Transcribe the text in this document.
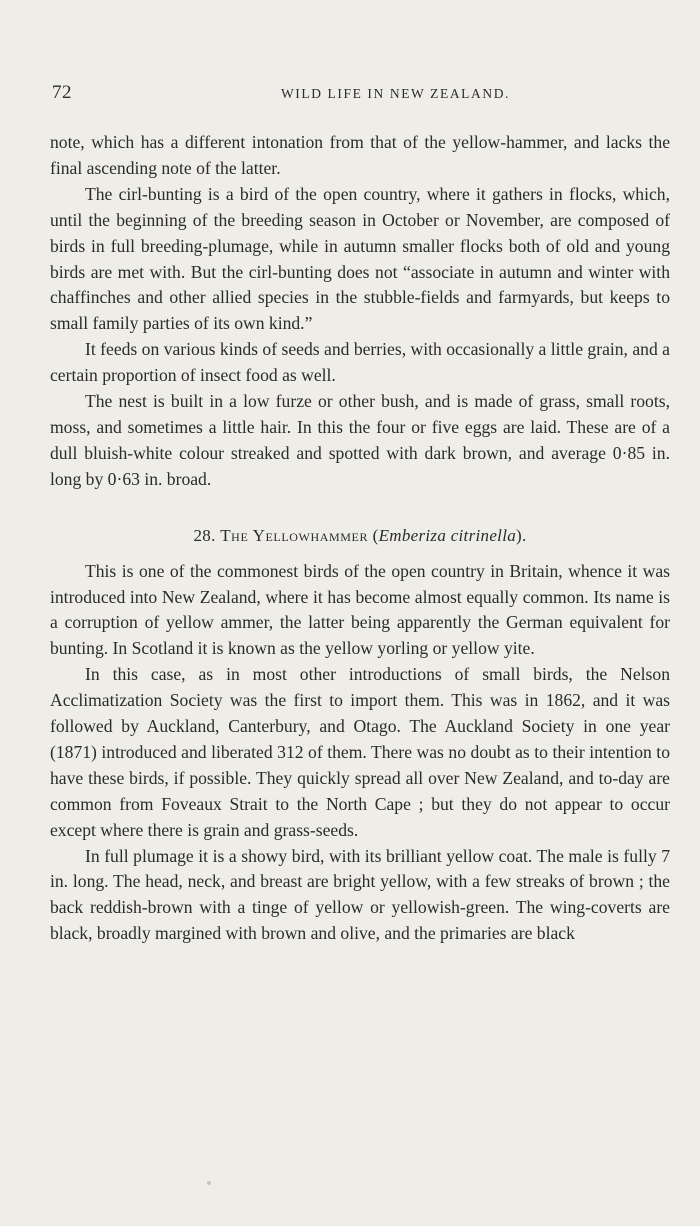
72	WILD LIFE IN NEW ZEALAND.

note, which has a different intonation from that of the yellow-hammer, and lacks the final ascending note of the latter.

The cirl-bunting is a bird of the open country, where it gathers in flocks, which, until the beginning of the breeding season in October or November, are composed of birds in full breeding-plumage, while in autumn smaller flocks both of old and young birds are met with. But the cirl-bunting does not “associate in autumn and winter with chaffinches and other allied species in the stubble-fields and farmyards, but keeps to small family parties of its own kind.”

It feeds on various kinds of seeds and berries, with occasionally a little grain, and a certain proportion of insect food as well.

The nest is built in a low furze or other bush, and is made of grass, small roots, moss, and sometimes a little hair. In this the four or five eggs are laid. These are of a dull bluish-white colour streaked and spotted with dark brown, and average 0·85 in. long by 0·63 in. broad.

28. The Yellowhammer (Emberiza citrinella).

This is one of the commonest birds of the open country in Britain, whence it was introduced into New Zealand, where it has become almost equally common. Its name is a corruption of yellow ammer, the latter being apparently the German equivalent for bunting. In Scotland it is known as the yellow yorling or yellow yite.

In this case, as in most other introductions of small birds, the Nelson Acclimatization Society was the first to import them. This was in 1862, and it was followed by Auckland, Canterbury, and Otago. The Auckland Society in one year (1871) introduced and liberated 312 of them. There was no doubt as to their intention to have these birds, if possible. They quickly spread all over New Zealand, and to-day are common from Foveaux Strait to the North Cape ; but they do not appear to occur except where there is grain and grass-seeds.

In full plumage it is a showy bird, with its brilliant yellow coat. The male is fully 7 in. long. The head, neck, and breast are bright yellow, with a few streaks of brown ; the back reddish-brown with a tinge of yellow or yellowish-green. The wing-coverts are black, broadly margined with brown and olive, and the primaries are black
